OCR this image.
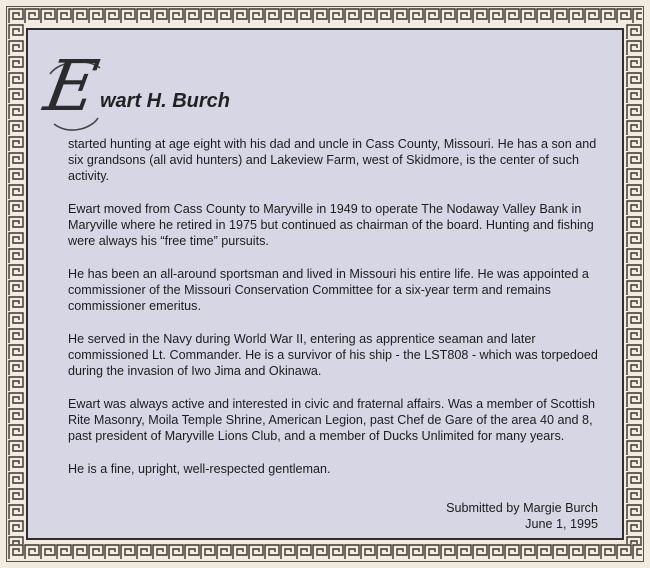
E
wart H. Burch

started hunting at age eight with his dad and uncle in Cass County, Missouri. He has a son and six grandsons (all avid hunters) and Lakeview Farm, west of Skidmore, is the center of such activity.

Ewart moved from Cass County to Maryville in 1949 to operate The Nodaway Valley Bank in Maryville where he retired in 1975 but continued as chairman of the board. Hunting and fishing were always his “free time” pursuits.

He has been an all-around sportsman and lived in Missouri his entire life. He was appointed a commissioner of the Missouri Conservation Committee for a six-year term and remains commissioner emeritus.

He served in the Navy during World War II, entering as apprentice seaman and later commissioned Lt. Commander. He is a survivor of his ship - the LST808 - which was torpedoed during the invasion of Iwo Jima and Okinawa.

Ewart was always active and interested in civic and fraternal affairs. Was a member of Scottish Rite Masonry, Moila Temple Shrine, American Legion, past Chef de Gare of the area 40 and 8, past president of Maryville Lions Club, and a member of Ducks Unlimited for many years.

He is a fine, upright, well-respected gentleman.

Submitted by Margie Burch
June 1, 1995
